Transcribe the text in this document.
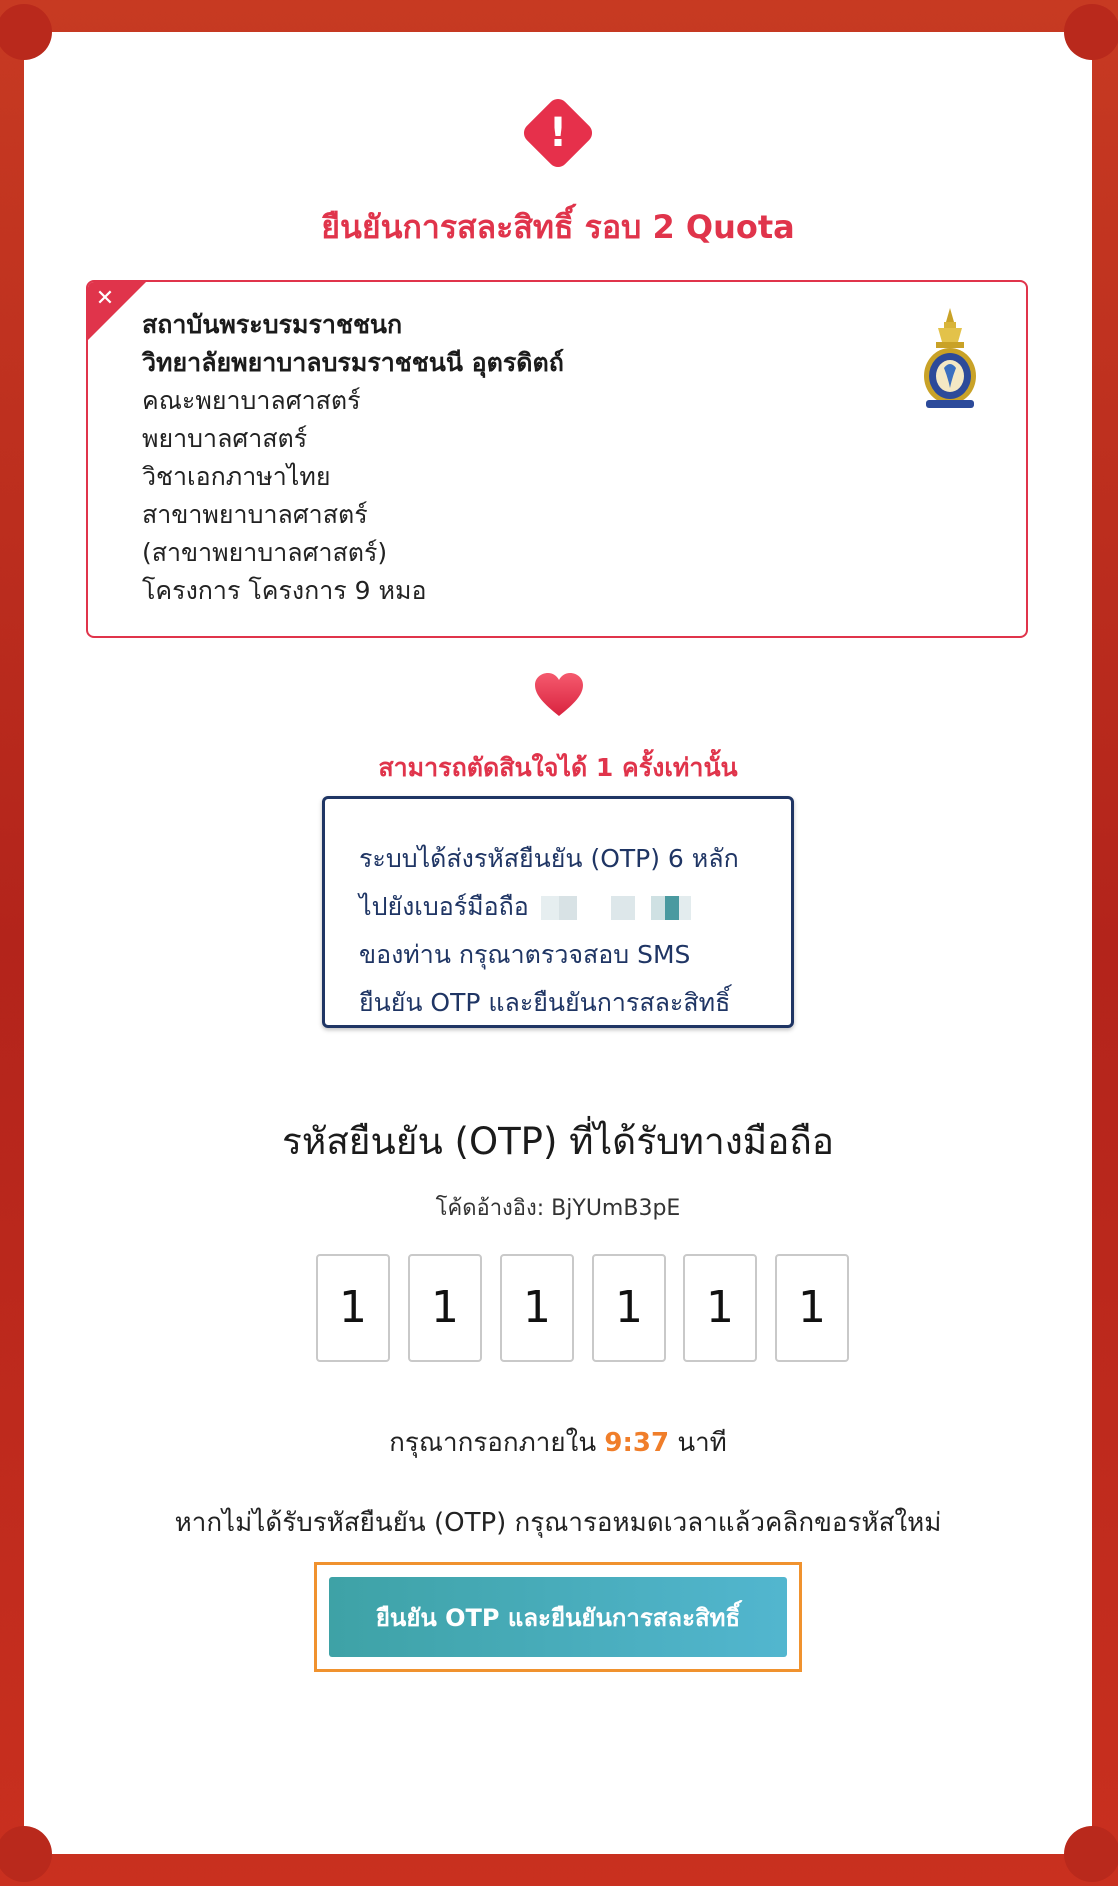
!
ยืนยันการสละสิทธิ์ รอบ 2 Quota
✕
สถาบันพระบรมราชชนก
วิทยาลัยพยาบาลบรมราชชนนี อุตรดิตถ์
คณะพยาบาลศาสตร์
พยาบาลศาสตร์
วิชาเอกภาษาไทย
สาขาพยาบาลศาสตร์
(สาขาพยาบาลศาสตร์)
โครงการ โครงการ 9 หมอ
สามารถตัดสินใจได้ 1 ครั้งเท่านั้น
ระบบได้ส่งรหัสยืนยัน (OTP) 6 หลัก
ไปยังเบอร์มือถือ
ของท่าน กรุณาตรวจสอบ SMS
ยืนยัน OTP และยืนยันการสละสิทธิ์
รหัสยืนยัน (OTP) ที่ได้รับทางมือถือ
โค้ดอ้างอิง: BjYUmB3pE
1	1	1	1	1	1
กรุณากรอกภายใน 9:37 นาที
หากไม่ได้รับรหัสยืนยัน (OTP) กรุณารอหมดเวลาแล้วคลิกขอรหัสใหม่
ยืนยัน OTP และยืนยันการสละสิทธิ์
